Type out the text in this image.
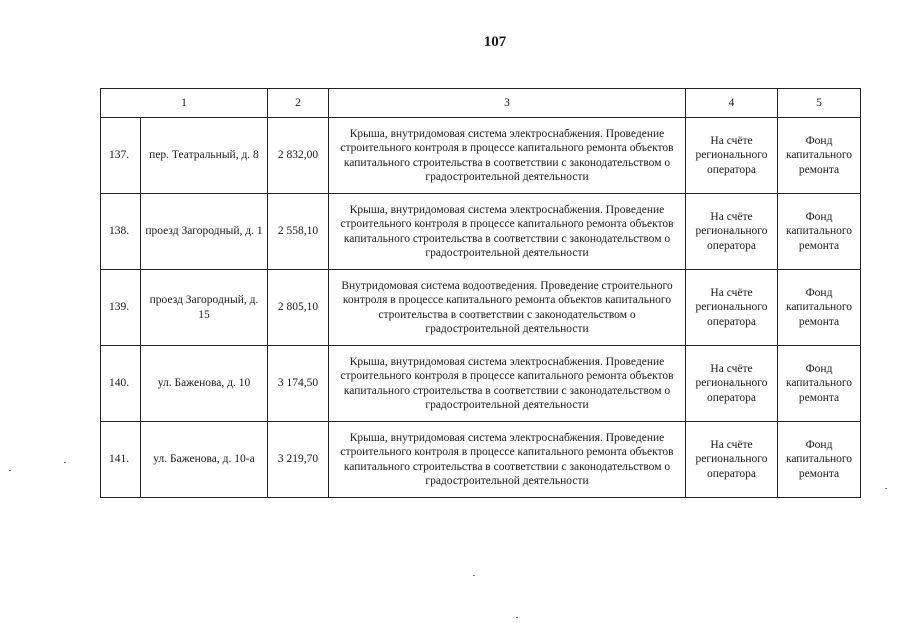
107
1		2	3	4	5
137.	пер. Театральный, д. 8	2 832,00	Крыша, внутридомовая система электроснабжения. Проведение строительного контроля в процессе капитального ремонта объектов капитального строительства в соответствии с законодательством о градостроительной деятельности	На счёте регионального оператора	Фонд капитального ремонта
138.	проезд Загородный, д. 1	2 558,10	Крыша, внутридомовая система электроснабжения. Проведение строительного контроля в процессе капитального ремонта объектов капитального строительства в соответствии с законодательством о градостроительной деятельности	На счёте регионального оператора	Фонд капитального ремонта
139.	проезд Загородный, д. 15	2 805,10	Внутридомовая система водоотведения. Проведение строительного контроля в процессе капитального ремонта объектов капитального строительства в соответствии с законодательством о градостроительной деятельности	На счёте регионального оператора	Фонд капитального ремонта
140.	ул. Баженова, д. 10	3 174,50	Крыша, внутридомовая система электроснабжения. Проведение строительного контроля в процессе капитального ремонта объектов капитального строительства в соответствии с законодательством о градостроительной деятельности	На счёте регионального оператора	Фонд капитального ремонта
141.	ул. Баженова, д. 10-а	3 219,70	Крыша, внутридомовая система электроснабжения. Проведение строительного контроля в процессе капитального ремонта объектов капитального строительства в соответствии с законодательством о градостроительной деятельности	На счёте регионального оператора	Фонд капитального ремонта
